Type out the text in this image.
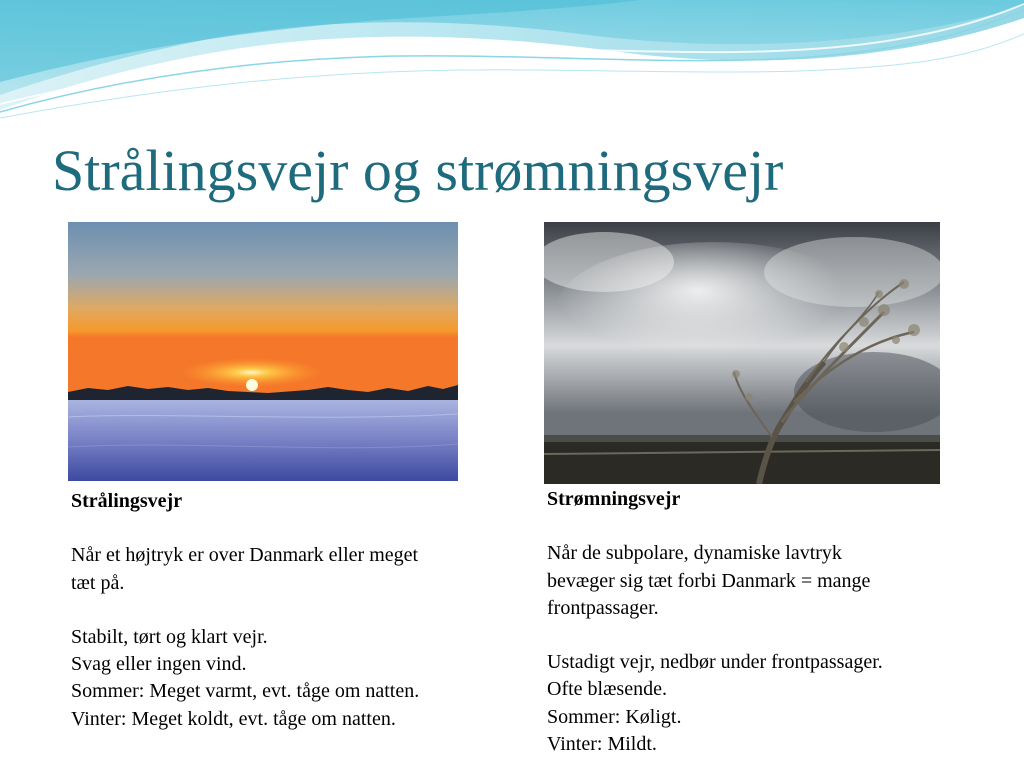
Strålingsvejr og strømningsvejr
Strålingsvejr
Når et højtryk er over Danmark eller meget
tæt på.
Stabilt, tørt og klart vejr.
Svag eller ingen vind.
Sommer: Meget varmt, evt. tåge om natten.
Vinter: Meget koldt, evt. tåge om natten.
Strømningsvejr
Når de subpolare, dynamiske lavtryk
bevæger sig tæt forbi Danmark = mange
frontpassager.
Ustadigt vejr, nedbør under frontpassager.
Ofte blæsende.
Sommer: Køligt.
Vinter: Mildt.
